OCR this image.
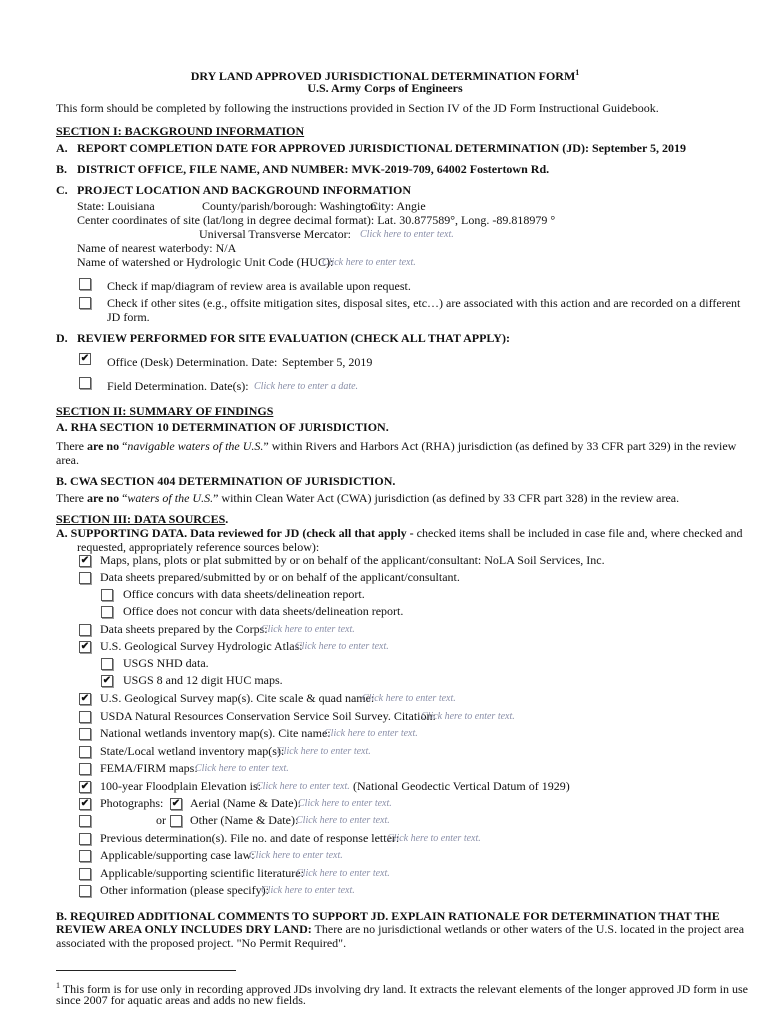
DRY LAND APPROVED JURISDICTIONAL DETERMINATION FORM$^1$
U.S. Army Corps of Engineers
This form should be completed by following the instructions provided in Section IV of the JD Form Instructional Guidebook.
SECTION I: BACKGROUND INFORMATION
A. REPORT COMPLETION DATE FOR APPROVED JURISDICTIONAL DETERMINATION (JD): September 5, 2019
B. DISTRICT OFFICE, FILE NAME, AND NUMBER: MVK-2019-709, 64002 Fostertown Rd.
C. PROJECT LOCATION AND BACKGROUND INFORMATION
State: Louisiana	County/parish/borough: Washington
City: Angie
Center coordinates of site (lat/long in degree decimal format): Lat. 30.877589°, Long. -89.818979 °
Universal Transverse Mercator: Click here to enter text.
Name of nearest waterbody: N/A
Name of watershed or Hydrologic Unit Code (HUC):
Click here to enter text.
Check if map/diagram of review area is available upon request.
Check if other sites (e.g., offsite mitigation sites, disposal sites, etc…) are associated with this action and are recorded on a different
JD form.
D. REVIEW PERFORMED FOR SITE EVALUATION (CHECK ALL THAT APPLY):
✔ Office (Desk) Determination. Date: September 5, 2019
Field Determination. Date(s): Click here to enter a date.
SECTION II: SUMMARY OF FINDINGS
A. RHA SECTION 10 DETERMINATION OF JURISDICTION.
There are no “navigable waters of the U.S.” within Rivers and Harbors Act (RHA) jurisdiction (as defined by 33 CFR part 329) in the review
area.
B. CWA SECTION 404 DETERMINATION OF JURISDICTION.
There are no “waters of the U.S.” within Clean Water Act (CWA) jurisdiction (as defined by 33 CFR part 328) in the review area.
SECTION III: DATA SOURCES.
A. SUPPORTING DATA. Data reviewed for JD (check all that apply - checked items shall be included in case file and, where checked and
requested, appropriately reference sources below):
✔ Maps, plans, plots or plat submitted by or on behalf of the applicant/consultant: NoLA Soil Services, Inc.
Data sheets prepared/submitted by or on behalf of the applicant/consultant.
Office concurs with data sheets/delineation report.
Office does not concur with data sheets/delineation report.
Data sheets prepared by the Corps:
Click here to enter text.
✔ U.S. Geological Survey Hydrologic Atlas:
Click here to enter text.
USGS NHD data.
✔ USGS 8 and 12 digit HUC maps.
✔ U.S. Geological Survey map(s). Cite scale & quad name:
Click here to enter text.
USDA Natural Resources Conservation Service Soil Survey. Citation:
Click here to enter text.
National wetlands inventory map(s). Cite name:
Click here to enter text.
State/Local wetland inventory map(s):
Click here to enter text.
FEMA/FIRM maps:
Click here to enter text.
✔ 100-year Floodplain Elevation is:
Click here to enter text. (National Geodectic Vertical Datum of 1929)
✔ Photographs: ✔ Aerial (Name & Date):
Click here to enter text.
or Other (Name & Date):
Click here to enter text.
Previous determination(s). File no. and date of response letter:
Click here to enter text.
Applicable/supporting case law:
Click here to enter text.
Applicable/supporting scientific literature:
Click here to enter text.
Other information (please specify):
Click here to enter text.
B. REQUIRED ADDITIONAL COMMENTS TO SUPPORT JD. EXPLAIN RATIONALE FOR DETERMINATION THAT THE
REVIEW AREA ONLY INCLUDES DRY LAND: There are no jurisdictional wetlands or other waters of the U.S. located in the project area
associated with the proposed project. "No Permit Required".
$^1$ This form is for use only in recording approved JDs involving dry land. It extracts the relevant elements of the longer approved JD form in use
since 2007 for aquatic areas and adds no new fields.
